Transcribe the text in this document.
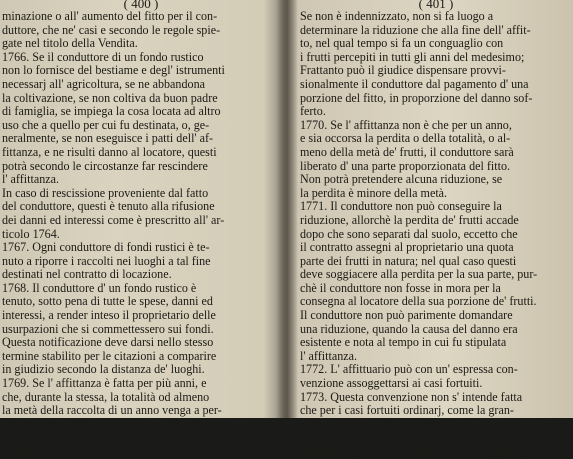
( 400 )
minazione o all' aumento del fitto per il con-
duttore, che ne' casi e secondo le regole spie-
gate nel titolo della Vendita.
1766. Se il conduttore di un fondo rustico
non lo fornisce del bestiame e degl' istrumenti
necessarj all' agricoltura, se ne abbandona
la coltivazione, se non coltiva da buon padre
di famiglia, se impiega la cosa locata ad altro
uso che a quello per cui fu destinata, o, ge-
neralmente, se non eseguisce i patti dell' af-
fittanza, e ne risulti danno al locatore, questi
potrà secondo le circostanze far rescindere
l' affittanza.
In caso di rescissione proveniente dal fatto
del conduttore, questi è tenuto alla rifusione
dei danni ed interessi come è prescritto all' ar-
ticolo 1764.
1767. Ogni conduttore di fondi rustici è te-
nuto a riporre i raccolti nei luoghi a tal fine
destinati nel contratto di locazione.
1768. Il conduttore d' un fondo rustico è
tenuto, sotto pena di tutte le spese, danni ed
interessi, a render inteso il proprietario delle
usurpazioni che si commettessero sui fondi.
Questa notificazione deve darsi nello stesso
termine stabilito per le citazioni a comparire
in giudizio secondo la distanza de' luoghi.
1769. Se l' affittanza è fatta per più anni, e
che, durante la stessa, la totalità od almeno
la metà della raccolta di un anno venga a per-
ire per casi fortuiti, il conduttore può doman-
dare una riduzione del fitto, eccetto che sia
indennizzato dalle precedenti raccolte.
( 401 )
Se non è indennizzato, non si fa luogo a
determinare la riduzione che alla fine dell' affit-
to, nel qual tempo si fa un conguaglio con
i frutti percepiti in tutti gli anni del medesimo;
Frattanto può il giudice dispensare provvi-
sionalmente il conduttore dal pagamento d' una
porzione del fitto, in proporzione del danno sof-
ferto.
1770. Se l' affittanza non è che per un anno,
e sia occorsa la perdita o della totalità, o al-
meno della metà de' frutti, il conduttore sarà
liberato d' una parte proporzionata del fitto.
Non potrà pretendere alcuna riduzione, se
la perdita è minore della metà.
1771. Il conduttore non può conseguire la
riduzione, allorchè la perdita de' frutti accade
dopo che sono separati dal suolo, eccetto che
il contratto assegni al proprietario una quota
parte dei frutti in natura; nel qual caso questi
deve soggiacere alla perdita per la sua parte, pur-
chè il conduttore non fosse in mora per la
consegna al locatore della sua porzione de' frutti.
Il conduttore non può parimente domandare
una riduzione, quando la causa del danno era
esistente e nota al tempo in cui fu stipulata
l' affittanza.
1772. L' affittuario può con un' espressa con-
venzione assoggettarsi ai casi fortuiti.
1773. Questa convenzione non s' intende fatta
che per i casi fortuiti ordinarj, come la gran-
dine, il fulmine, la gelata o brina.
Essa non s' intende fatta per i casi fortuiti
straordinarj, come le devastazioni della guerra,
